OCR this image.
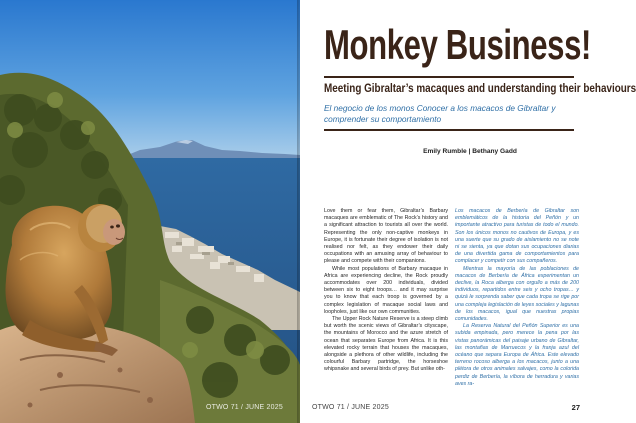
OTWO 71 / JUNE 2025
Monkey Business!
Meeting Gibraltar’s macaques and understanding their behaviours

El negocio de los monos Conocer a los macacos de Gibraltar y comprender su comportamiento

Emily Rumble | Bethany Gadd

Love them or fear them, Gibraltar’s Barbary macaques are emblematic of The Rock’s history and a significant attraction to tourists all over the world. Representing the only non-captive monkeys in Europe, it is fortunate their degree of isolation is not realised nor felt, as they endower their daily occupations with an amusing array of behaviour to please and compete with their companions.

While most populations of Barbary macaque in Africa are experiencing decline, the Rock proudly accommodates over 200 individuals, divided between six to eight troops… and it may surprise you to know that each troop is governed by a complex legislation of macaque social laws and loopholes, just like our own communities.

The Upper Rock Nature Reserve is a steep climb but worth the scenic views of Gibraltar’s cityscape, the mountains of Morocco and the azure stretch of ocean that separates Europe from Africa. It is this elevated rocky terrain that houses the macaques, alongside a plethora of other wildlife, including the colourful Barbary partridge, the horseshoe whipsnake and several birds of prey. But unlike oth-

Los macacos de Berbería de Gibraltar son emblemáticos de la historia del Peñón y un importante atractivo para turistas de todo el mundo. Son los únicos monos no cautivos de Europa, y es una suerte que su grado de aislamiento no se note ni se sienta, ya que dotan sus ocupaciones diarias de una divertida gama de comportamientos para complacer y competir con sus compañeros.

Mientras la mayoría de las poblaciones de macacos de Berbería de África experimentan un declive, la Roca alberga con orgullo a más de 200 individuos, repartidos entre seis y ocho tropas… y quizá le sorprenda saber que cada tropa se rige por una compleja legislación de leyes sociales y lagunas de los macacos, igual que nuestras propias comunidades.

La Reserva Natural del Peñón Superior es una subida empinada, pero merece la pena por las vistas panorámicas del paisaje urbano de Gibraltar, las montañas de Marruecos y la franja azul del océano que separa Europa de África. Este elevado terreno rocoso alberga a los macacos, junto a una plétora de otros animales salvajes, como la colorida perdiz de Berbería, la víbora de herradura y varias aves ra-

OTWO 71 / JUNE 2025	27
